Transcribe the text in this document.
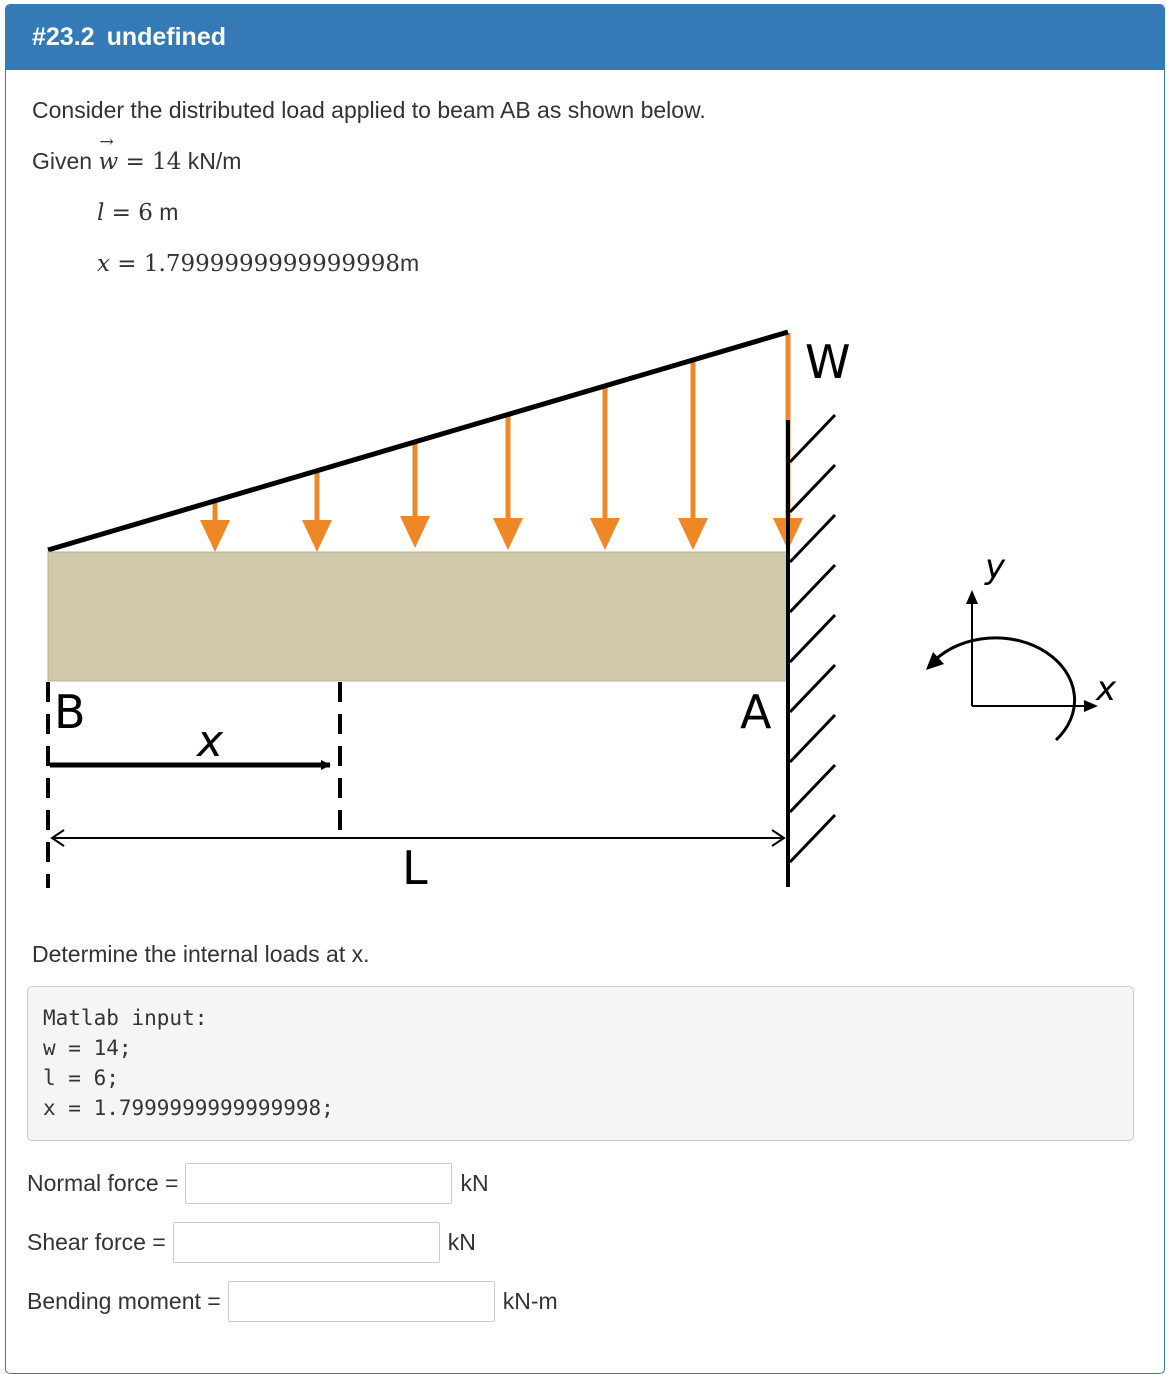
#23.2 undefined
Consider the distributed load applied to beam AB as shown below.
Given → w = 14 kN/m
l = 6 m
x = 1.7999999999999998m
W
B	A
x
L
y
x
Determine the internal loads at x.
Matlab input:
w = 14;
l = 6;
x = 1.7999999999999998;
Normal force =	kN
Shear force =	kN
Bending moment =	kN-m
